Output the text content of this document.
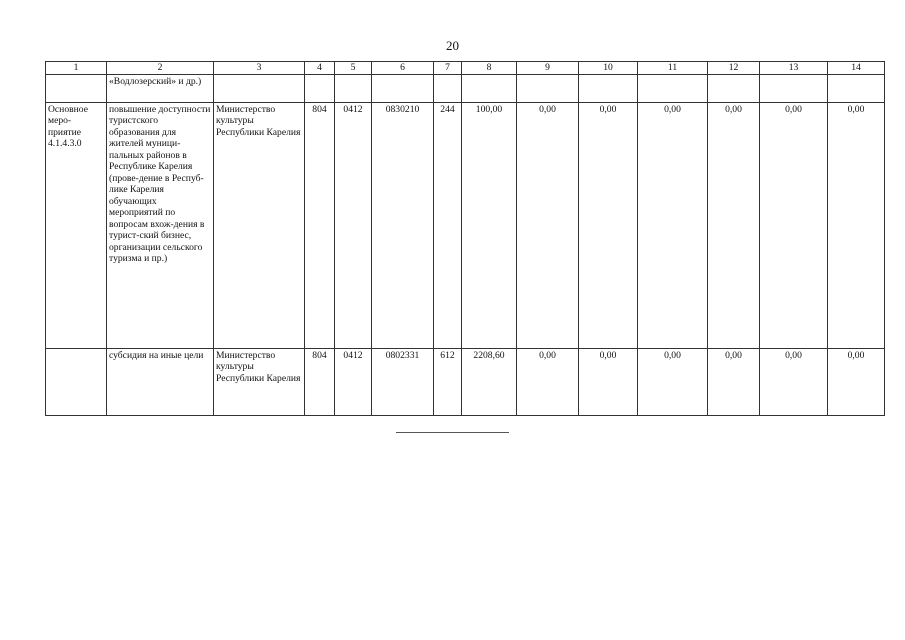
20
1	2	3	4	5	6	7	8	9	10	11	12	13	14
	«Водлозерский» и др.)												
Основное меро-приятие 4.1.4.3.0	повышение доступности туристского образования для жителей муници-пальных районов в Республике Карелия (прове-дение в Респуб-лике Карелия обучающих мероприятий по вопросам вхож-дения в турист-ский бизнес, организации сельского туризма и пр.)	Министерство культуры Республики Карелия	804	0412	0830210	244	100,00	0,00	0,00	0,00	0,00	0,00	0,00
	субсидия на иные цели	Министерство культуры Республики Карелия	804	0412	0802331	612	2208,60	0,00	0,00	0,00	0,00	0,00	0,00
